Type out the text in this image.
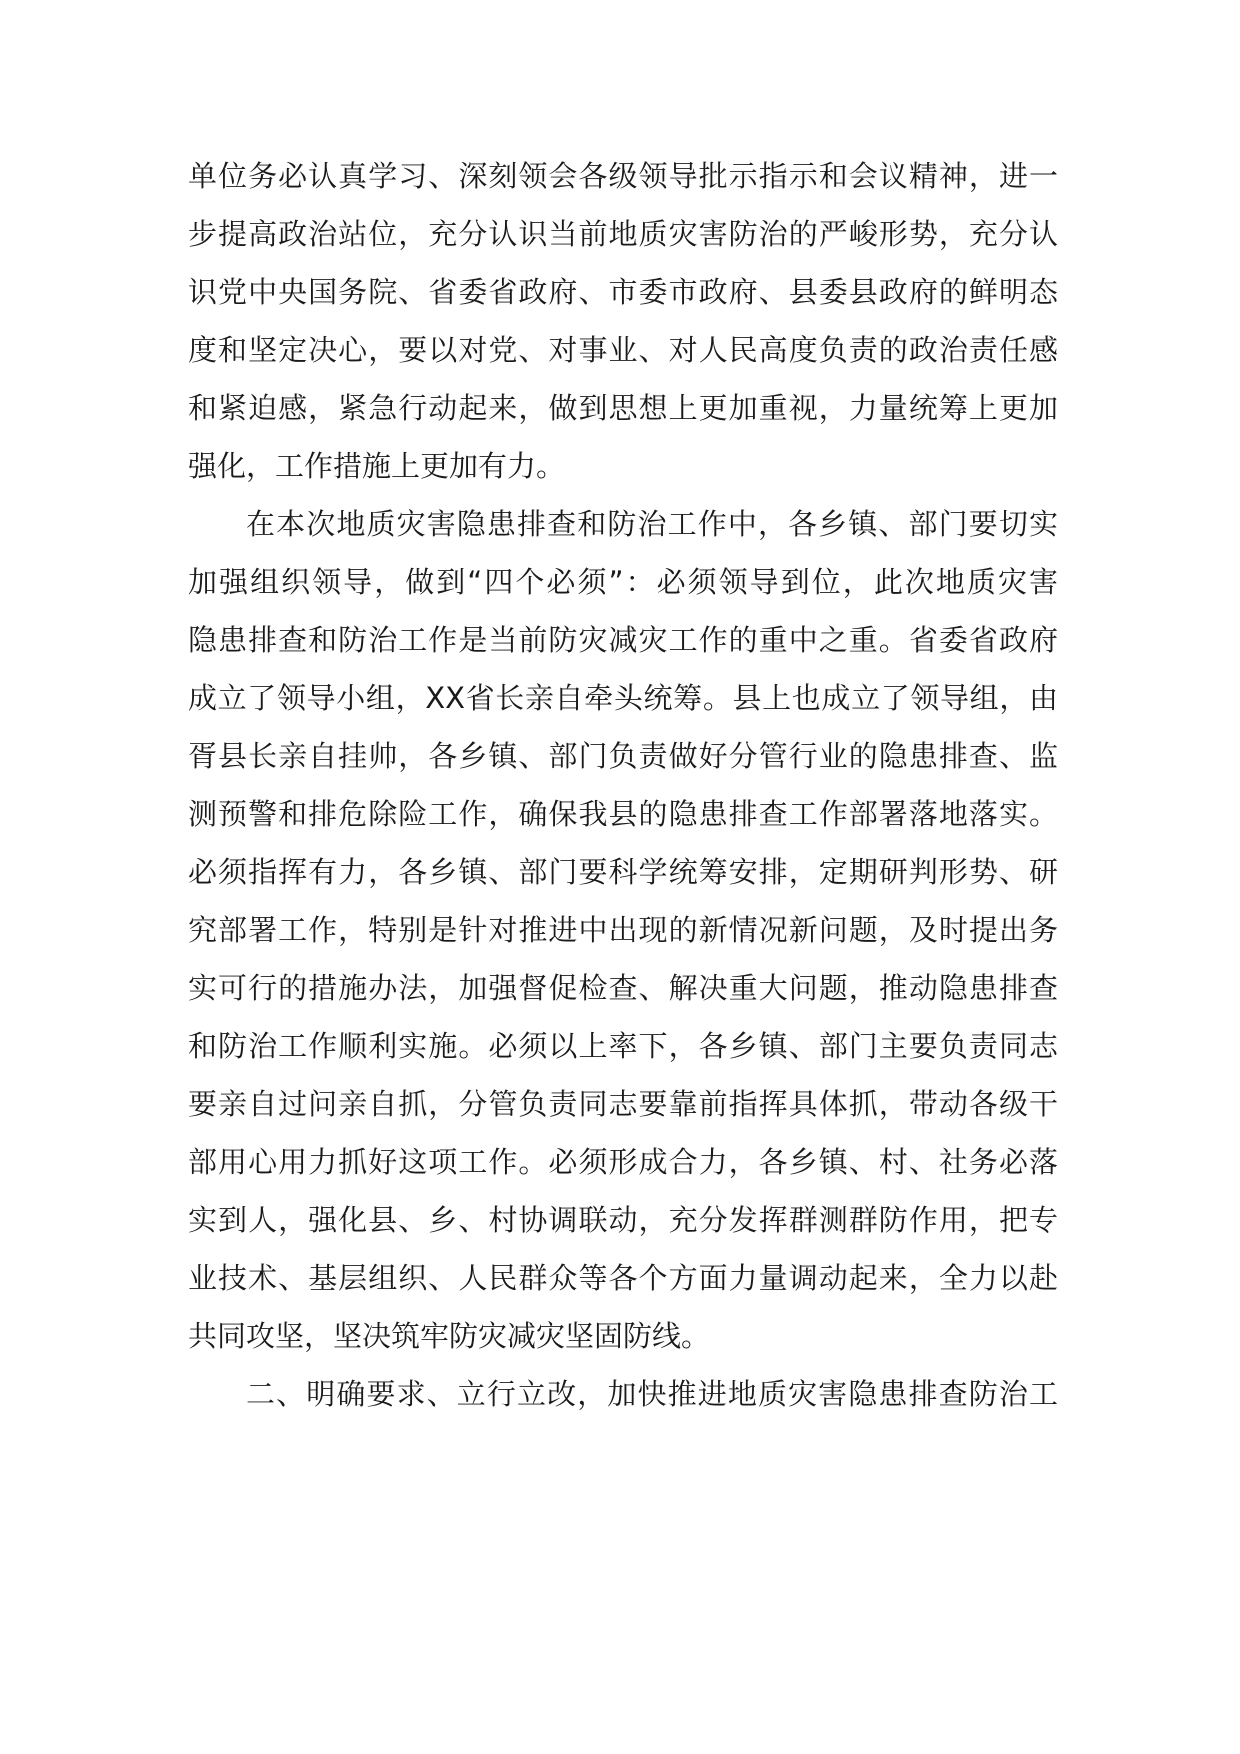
单位务必认真学习、深刻领会各级领导批示指示和会议精神，进一
步提高政治站位，充分认识当前地质灾害防治的严峻形势，充分认
识党中央国务院、省委省政府、市委市政府、县委县政府的鲜明态
度和坚定决心，要以对党、对事业、对人民高度负责的政治责任感
和紧迫感，紧急行动起来，做到思想上更加重视，力量统筹上更加
强化，工作措施上更加有力。
在本次地质灾害隐患排查和防治工作中，各乡镇、部门要切实
加强组织领导，做到“四个必须”：必须领导到位，此次地质灾害
隐患排查和防治工作是当前防灾减灾工作的重中之重。省委省政府
成立了领导小组，XX省长亲自牵头统筹。县上也成立了领导组，由
胥县长亲自挂帅，各乡镇、部门负责做好分管行业的隐患排查、监
测预警和排危除险工作，确保我县的隐患排查工作部署落地落实。
必须指挥有力，各乡镇、部门要科学统筹安排，定期研判形势、研
究部署工作，特别是针对推进中出现的新情况新问题，及时提出务
实可行的措施办法，加强督促检查、解决重大问题，推动隐患排查
和防治工作顺利实施。必须以上率下，各乡镇、部门主要负责同志
要亲自过问亲自抓，分管负责同志要靠前指挥具体抓，带动各级干
部用心用力抓好这项工作。必须形成合力，各乡镇、村、社务必落
实到人，强化县、乡、村协调联动，充分发挥群测群防作用，把专
业技术、基层组织、人民群众等各个方面力量调动起来，全力以赴
共同攻坚，坚决筑牢防灾减灾坚固防线。
二、明确要求、立行立改，加快推进地质灾害隐患排查防治工
